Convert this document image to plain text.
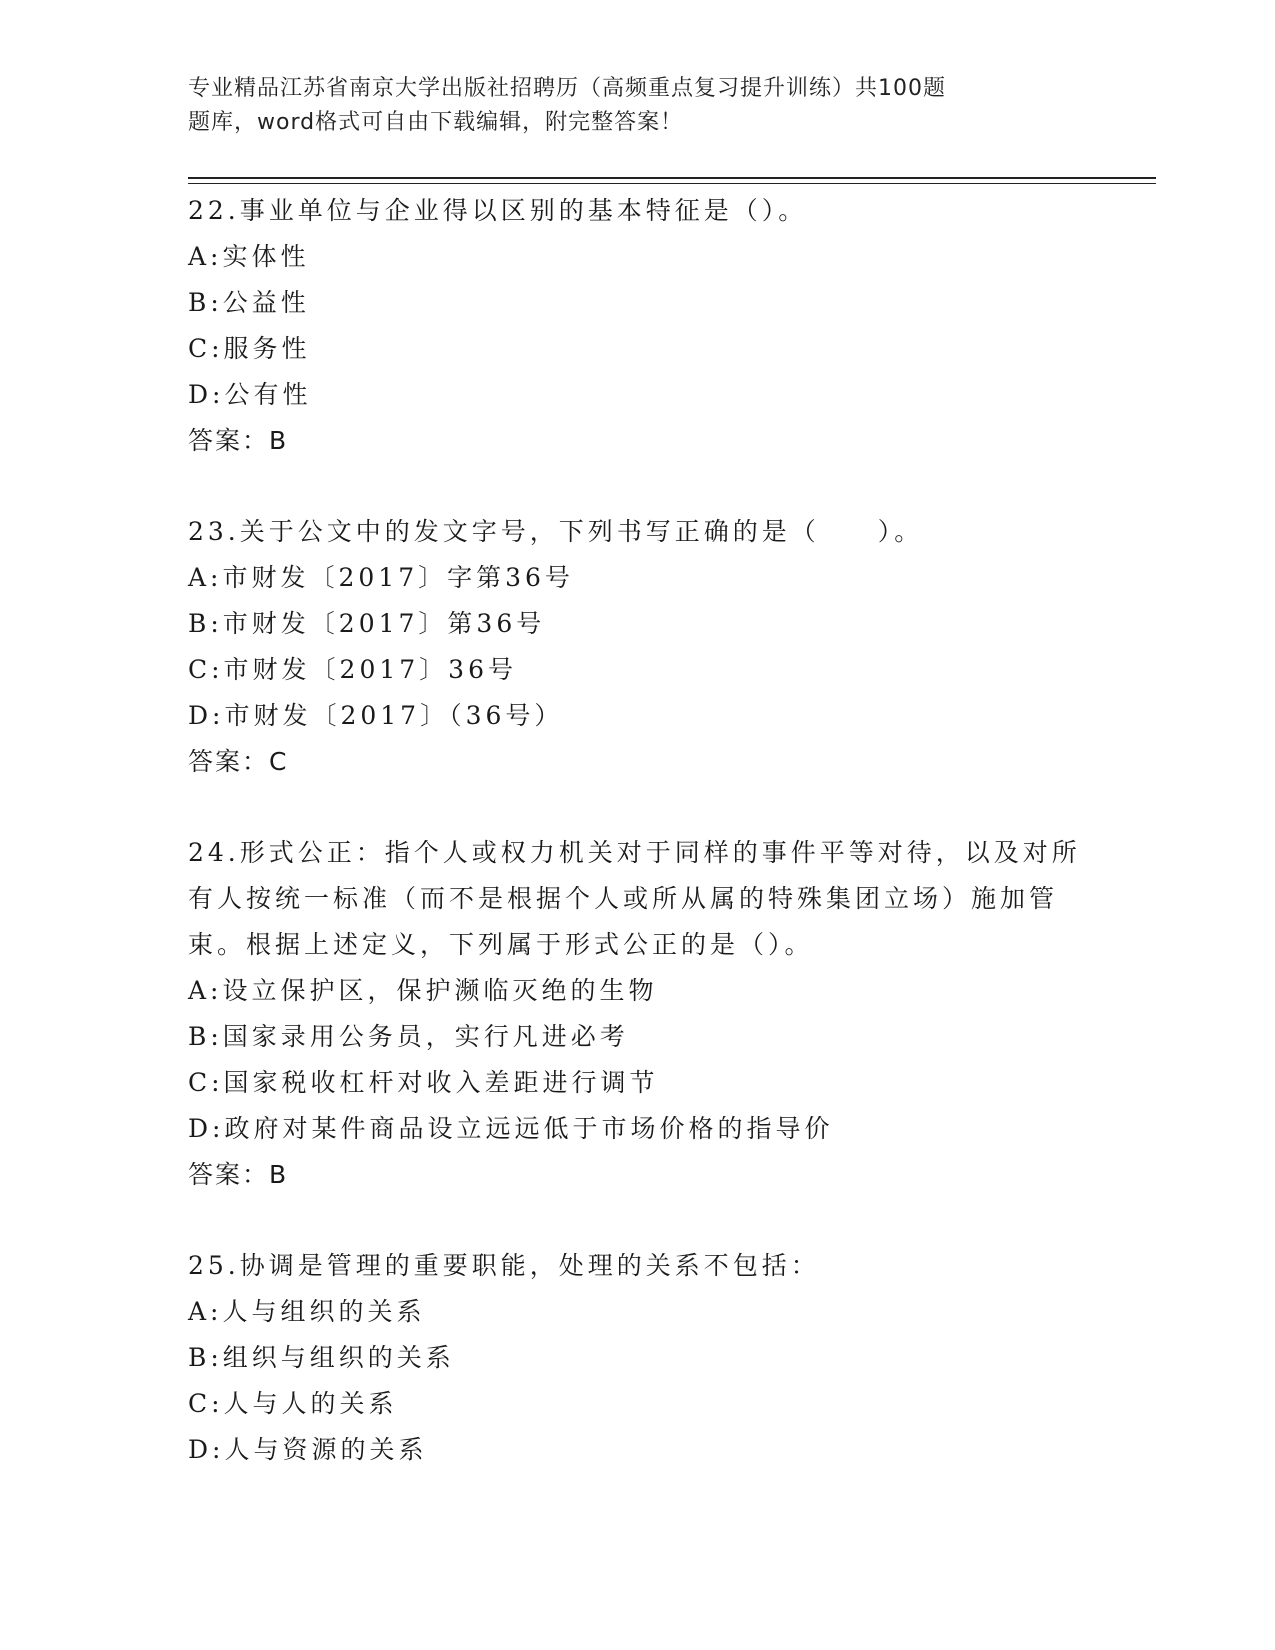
专业精品江苏省南京大学出版社招聘历（高频重点复习提升训练）共100题
题库，word格式可自由下载编辑，附完整答案！
22.事业单位与企业得以区别的基本特征是（）。
A:实体性
B:公益性
C:服务性
D:公有性
答案：B
23.关于公文中的发文字号，下列书写正确的是（　　）。
A:市财发〔2017〕字第36号
B:市财发〔2017〕第36号
C:市财发〔2017〕36号
D:市财发〔2017〕（36号）
答案：C
24.形式公正：指个人或权力机关对于同样的事件平等对待，以及对所
有人按统一标准（而不是根据个人或所从属的特殊集团立场）施加管
束。根据上述定义，下列属于形式公正的是（）。
A:设立保护区，保护濒临灭绝的生物
B:国家录用公务员，实行凡进必考
C:国家税收杠杆对收入差距进行调节
D:政府对某件商品设立远远低于市场价格的指导价
答案：B
25.协调是管理的重要职能，处理的关系不包括：
A:人与组织的关系
B:组织与组织的关系
C:人与人的关系
D:人与资源的关系
